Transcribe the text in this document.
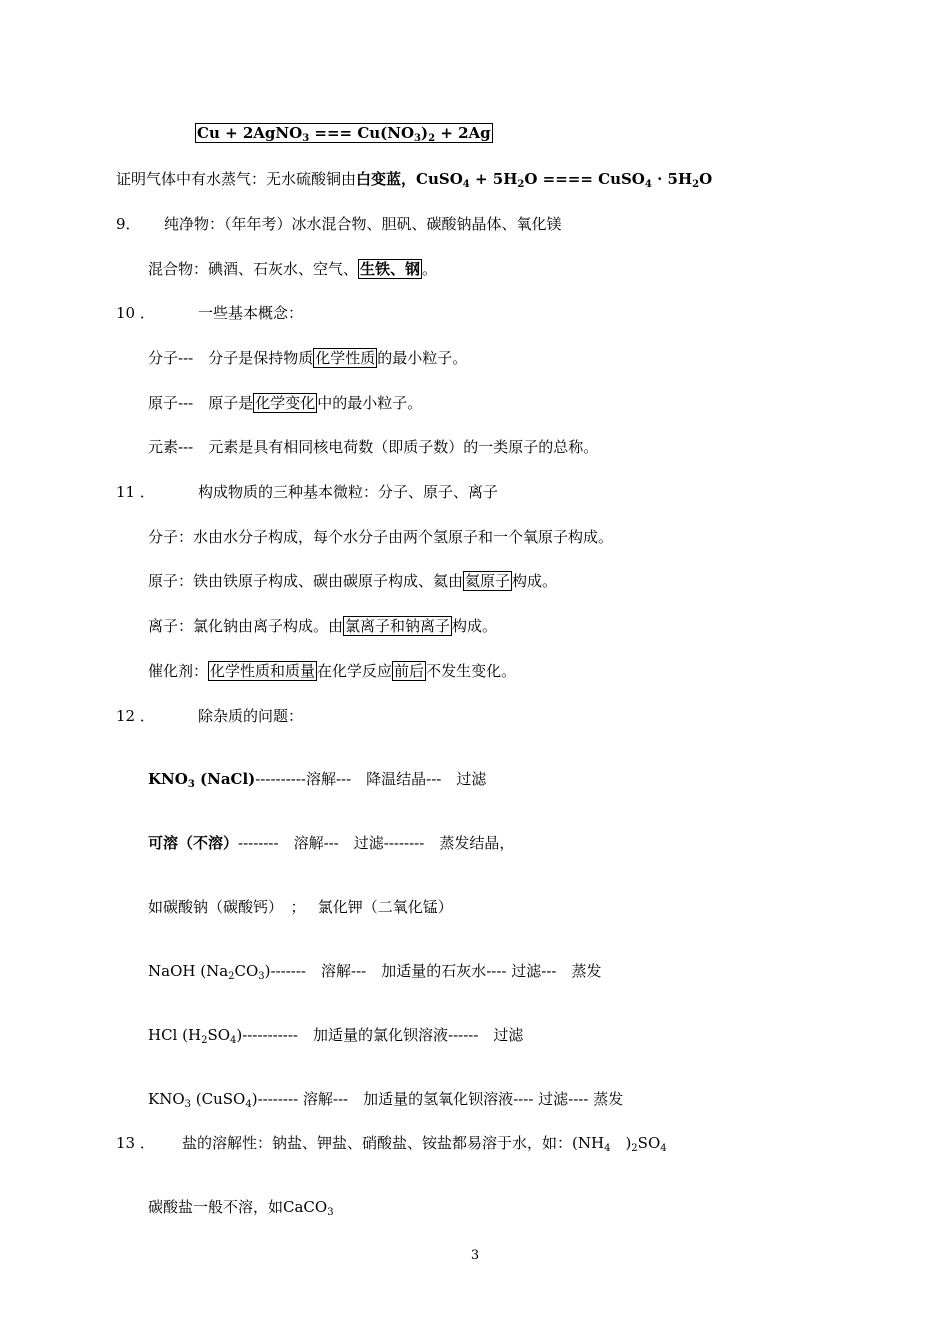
Cu + 2AgNO$_3$ === $Cu(NO_3)_2 + 2Ag$
证明气体中有水蒸气：无水硫酸铜由白变蓝，CuSO$_4$ + $5H_2O$ ==== CuSO$_4$ · $5H_2O$
9． 纯净物：（年年考）冰水混合物、胆矾、碳酸钠晶体、氧化镁
混合物：碘酒、石灰水、空气、 生铁、钢 。
10 ．	一些基本概念：
分子---　分子是保持物质 化学性质 的最小粒子。
原子---　原子是 化学变化 中的最小粒子。
元素---　元素是具有相同核电荷数（即质子数）的一类原子的总称。
11 ．	构成物质的三种基本微粒：分子、原子、离子
分子：水由水分子构成，每个水分子由两个氢原子和一个氧原子构成。
原子：铁由铁原子构成、碳由碳原子构成、氦由 氦原子 构成。
离子：氯化钠由离子构成。由 氯离子和钠离子 构成。
催化剂： 化学性质和质量 在化学反应 前后 不发生变化。
12 ．	除杂质的问题：
$KNO_3$ (NaCl)----------溶解---　降温结晶---　过滤
可溶（不溶）--------　溶解---　过滤--------　蒸发结晶，
如碳酸钠（碳酸钙）　；　 氯化钾（二氧化锰）
NaOH $(Na_2CO_3)-------$　溶解---　加适量的石灰水---- 过滤---　蒸发
HCl $(H_2SO_4)-----------$　加适量的氯化钡溶液------　过滤
$KNO_3$ (CuSO$_4$)-------- 溶解---　加适量的氢氧化钡溶液---- 过滤---- 蒸发
13 ． 盐的溶解性：钠盐、钾盐、硝酸盐、铵盐都易溶于水，如：($NH_4$　)$_2SO_4$
碳酸盐一般不溶，如CaCO$_3$
3
